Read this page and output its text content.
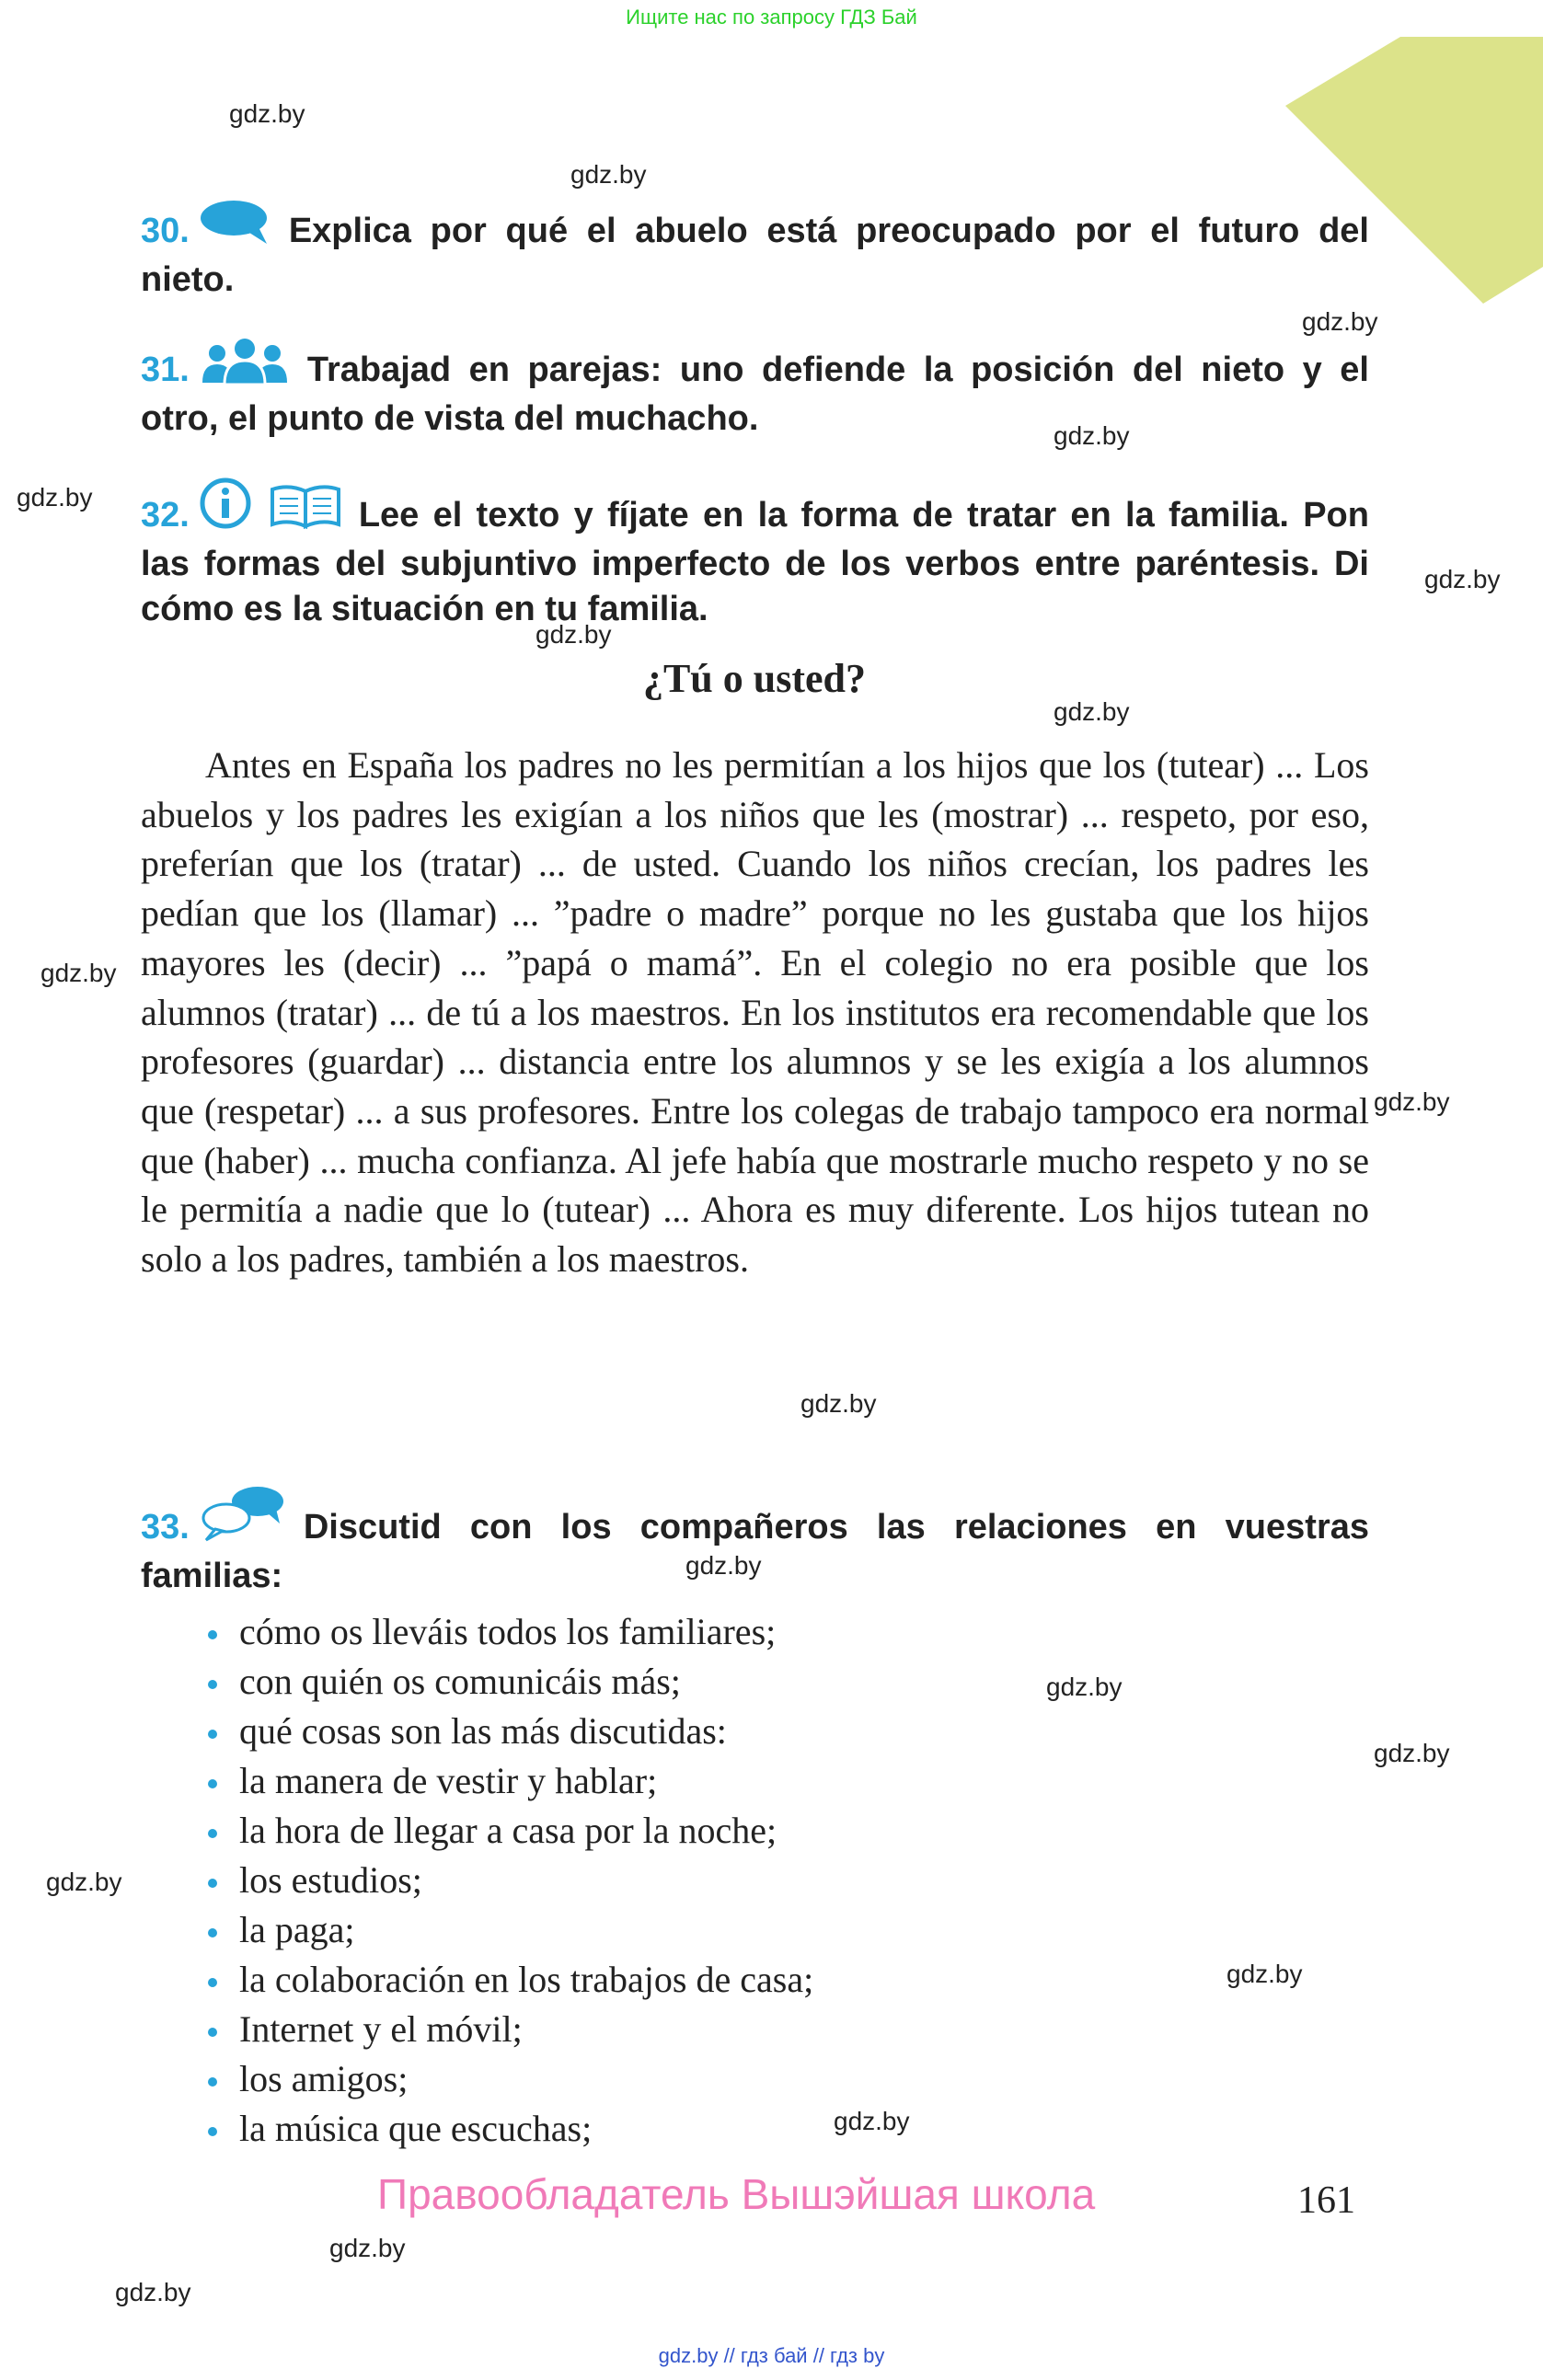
Ищите нас по запросу ГДЗ Бай
gdz.by
gdz.by
gdz.by
gdz.by
gdz.by
gdz.by
gdz.by
gdz.by
gdz.by
gdz.by
gdz.by
gdz.by
gdz.by
gdz.by
gdz.by
gdz.by
gdz.by
gdz.by
gdz.by
30.	Explica por qué el abuelo está preocupado por el futuro del nieto.
31.	Trabajad en parejas: uno defiende la posición del nieto y el otro, el punto de vista del muchacho.
32.	Lee el texto y fíjate en la forma de tratar en la familia. Pon las formas del subjuntivo imperfecto de los verbos entre paréntesis. Di cómo es la situación en tu familia.
¿Tú o usted?

Antes en España los padres no les permitían a los hijos que los (tutear) ... Los abuelos y los padres les exigían a los niños que les (mostrar) ... respeto, por eso, preferían que los (tratar) ... de usted. Cuando los niños crecían, los padres les pedían que los (llamar) ... ”padre o madre” porque no les gustaba que los hijos mayores les (decir) ... ”papá o mamá”. En el colegio no era posible que los alumnos (tratar) ... de tú a los maestros. En los institutos era recomendable que los profesores (guardar) ... distancia entre los alumnos y se les exigía a los alumnos que (respetar) ... a sus profesores. Entre los colegas de trabajo tampoco era normal que (haber) ... mucha confianza. Al jefe había que mostrarle mucho respeto y no se le permitía a nadie que lo (tutear) ... Ahora es muy diferente. Los hijos tutean no solo a los padres, también a los maestros.

33.	Discutid con los compañeros las relaciones en vuestras familias:
cómo os lleváis todos los familiares;
con quién os comunicáis más;
qué cosas son las más discutidas:
la manera de vestir y hablar;
la hora de llegar a casa por la noche;
los estudios;
la paga;
la colaboración en los trabajos de casa;
Internet y el móvil;
los amigos;
la música que escuchas;
Правообладатель Вышэйшая школа	161
gdz.by // гдз бай // гдз by
